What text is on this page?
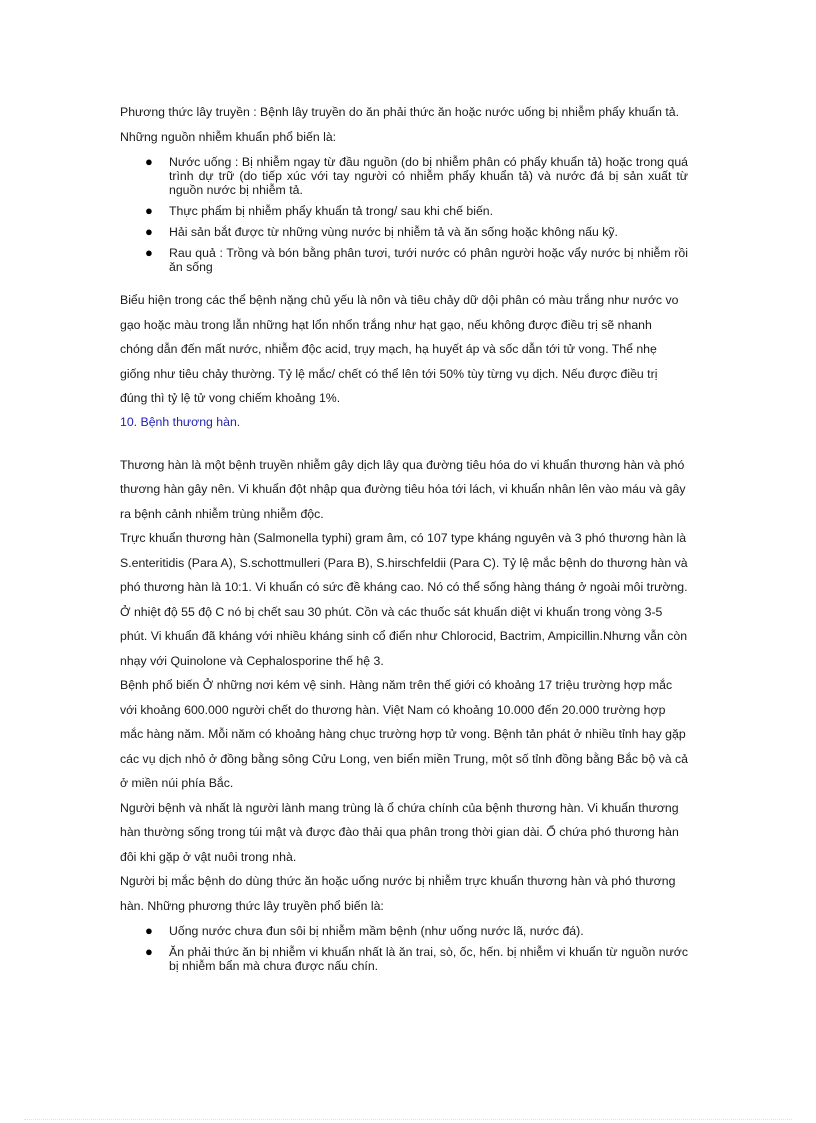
Phương thức lây truyền : Bệnh lây truyền do ăn phải thức ăn hoặc nước uống bị nhiễm phẩy khuẩn tả. Những nguồn nhiễm khuẩn phổ biến là:

● Nước uống : Bị nhiễm ngay từ đầu nguồn (do bị nhiễm phân có phẩy khuẩn tả) hoặc trong quá trình dự trữ (do tiếp xúc với tay người có nhiễm phẩy khuẩn tả) và nước đá bị sản xuất từ nguồn nước bị nhiễm tả.
● Thực phẩm bị nhiễm phẩy khuẩn tả trong/ sau khi chế biến.
● Hải sản bắt được từ những vùng nước bị nhiễm tả và ăn sống hoặc không nấu kỹ.
● Rau quả : Trồng và bón bằng phân tươi, tưới nước có phân người hoặc vẩy nước bị nhiễm rồi ăn sống

Biểu hiện trong các thể bệnh nặng chủ yếu là nôn và tiêu chảy dữ dội phân có màu trắng như nước vo gạo hoặc màu trong lẫn những hạt lổn nhổn trắng như hạt gạo, nếu không được điều trị sẽ nhanh chóng dẫn đến mất nước, nhiễm độc acid, trụy mạch, hạ huyết áp và sốc dẫn tới tử vong. Thể nhẹ giống như tiêu chảy thường. Tỷ lệ mắc/ chết có thể lên tới 50% tùy từng vụ dịch. Nếu được điều trị đúng thì tỷ lệ tử vong chiếm khoảng 1%.

10. Bệnh thương hàn.

Thương hàn là một bệnh truyền nhiễm gây dịch lây qua đường tiêu hóa do vi khuẩn thương hàn và phó thương hàn gây nên. Vi khuẩn đột nhập qua đường tiêu hóa tới lách, vi khuẩn nhân lên vào máu và gây ra bệnh cảnh nhiễm trùng nhiễm độc.

Trực khuẩn thương hàn (Salmonella typhi) gram âm, có 107 type kháng nguyên và 3 phó thương hàn là S.enteritidis (Para A), S.schottmulleri (Para B), S.hirschfeldii (Para C). Tỷ lệ mắc bệnh do thương hàn và phó thương hàn là 10:1. Vi khuẩn có sức đề kháng cao. Nó có thể sống hàng tháng ở ngoài môi trường. Ở nhiệt độ 55 độ C nó bị chết sau 30 phút. Cồn và các thuốc sát khuẩn diệt vi khuẩn trong vòng 3-5 phút. Vi khuẩn đã kháng với nhiều kháng sinh cổ điển như Chlorocid, Bactrim, Ampicillin.Nhưng vẫn còn nhạy với Quinolone và Cephalosporine thế hệ 3.

Bệnh phổ biến Ở những nơi kém vệ sinh. Hàng năm trên thế giới có khoảng 17 triệu trường hợp mắc với khoảng 600.000 người chết do thương hàn. Việt Nam có khoảng 10.000 đến 20.000 trường hợp mắc hàng năm. Mỗi năm có khoảng hàng chục trường hợp tử vong. Bệnh tản phát ở nhiều tỉnh hay gặp các vụ dịch nhỏ ở đồng bằng sông Cửu Long, ven biển miền Trung, một số tỉnh đồng bằng Bắc bộ và cả ở miền núi phía Bắc.

Người bệnh và nhất là người lành mang trùng là ổ chứa chính của bệnh thương hàn. Vi khuẩn thương hàn thường sống trong túi mật và được đào thải qua phân trong thời gian dài. Ổ chứa phó thương hàn đôi khi gặp ở vật nuôi trong nhà.

Người bị mắc bệnh do dùng thức ăn hoặc uống nước bị nhiễm trực khuẩn thương hàn và phó thương hàn. Những phương thức lây truyền phổ biến là:

● Uống nước chưa đun sôi bị nhiễm mầm bệnh (như uống nước lã, nước đá).
● Ăn phải thức ăn bị nhiễm vi khuẩn nhất là ăn trai, sò, ốc, hến. bị nhiễm vi khuẩn từ nguồn nước bị nhiễm bẩn mà chưa được nấu chín.
